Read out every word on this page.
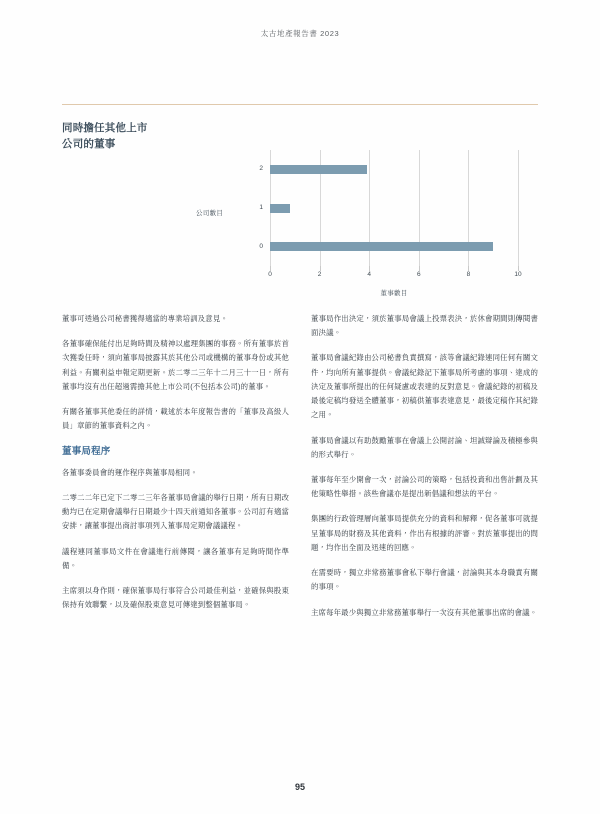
太古地產報告書 2023
同時擔任其他上市
公司的董事
公司數目
0
1
2
0	2	4	6	8	10
董事數目

董事可透過公司秘書獲得適當的專業培訓及意見。

各董事確保能付出足夠時間及精神以處理集團的事務。所有董事於首次獲委任時，須向董事局披露其於其他公司或機構的董事身份或其他利益。有關利益申報定期更新。於二零二三年十二月三十一日，所有董事均沒有出任超過需擔其他上市公司(不包括本公司)的董事。

有關各董事其他委任的詳情，載述於本年度報告書的「董事及高級人員」章節的董事資料之內。

董事局程序

各董事委員會的運作程序與董事局相同。

二零二二年已定下二零二三年各董事局會議的舉行日期，所有日期改動均已在定期會議舉行日期最少十四天前通知各董事。公司訂有適當安排，讓董事提出商討事項列入董事局定期會議議程。

議程連同董事局文件在會議進行前傳閱，讓各董事有足夠時間作準備。

主席須以身作則，確保董事局行事符合公司最佳利益，並確保與股東保持有效聯繫，以及確保股東意見可傳達到整個董事局。

董事局作出決定，須於董事局會議上投票表決，於休會期間則傳閱書面決議。

董事局會議紀錄由公司秘書負責撰寫，該等會議紀錄連同任何有關文件，均向所有董事提供。會議紀錄記下董事局所考慮的事項、達成的決定及董事所提出的任何疑慮或表達的反對意見。會議紀錄的初稿及最後定稿均發送全體董事，初稿供董事表達意見，最後定稿作其紀錄之用。

董事局會議以有助鼓勵董事在會議上公開討論、坦誠辯論及積極參與的形式舉行。

董事每年至少開會一次，討論公司的策略，包括投資和出售計劃及其他策略性舉措。該些會議亦是提出新倡議和想法的平台。

集團的行政管理層向董事局提供充分的資料和解釋，促各董事可就提呈董事局的財務及其他資料，作出有根據的評審。對於董事提出的問題，均作出全面及迅速的回應。

在需要時，獨立非常務董事會私下舉行會議，討論與其本身職責有關的事項。

主席每年最少與獨立非常務董事舉行一次沒有其他董事出席的會議。

95
